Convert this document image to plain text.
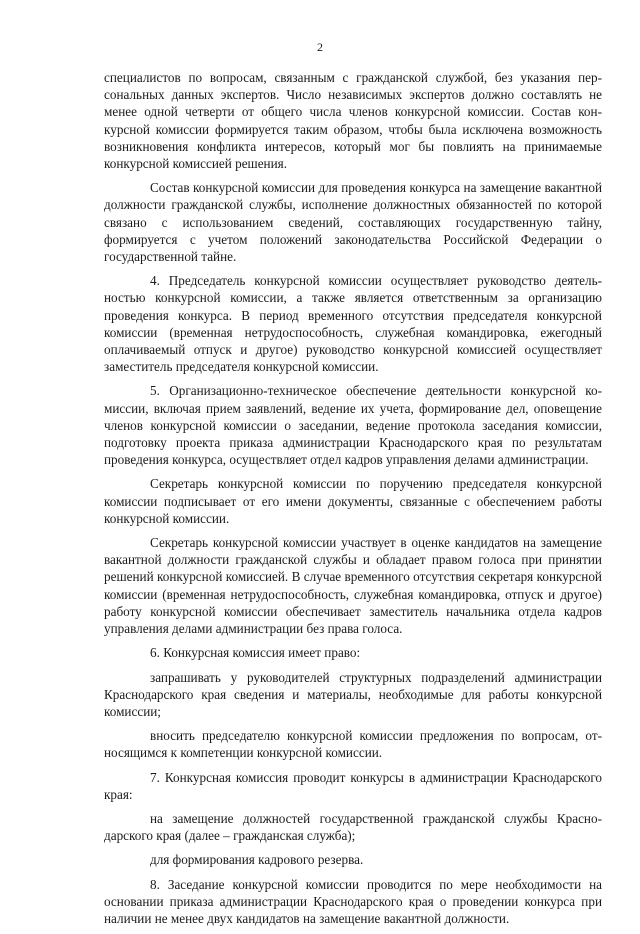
2

специалистов по вопросам, связанным с гражданской службой, без указания персональных данных экспертов. Число независимых экспертов должно составлять не менее одной четверти от общего числа членов конкурсной комиссии. Состав конкурсной комиссии формируется таким образом, чтобы была исключена возможность возникновения конфликта интересов, который мог бы повлиять на принимаемые конкурсной комиссией решения.

Состав конкурсной комиссии для проведения конкурса на замещение вакантной должности гражданской службы, исполнение должностных обязанностей по которой связано с использованием сведений, составляющих государственную тайну, формируется с учетом положений законодательства Российской Федерации о государственной тайне.

4. Председатель конкурсной комиссии осуществляет руководство деятельностью конкурсной комиссии, а также является ответственным за организацию проведения конкурса. В период временного отсутствия председателя конкурсной комиссии (временная нетрудоспособность, служебная командировка, ежегодный оплачиваемый отпуск и другое) руководство конкурсной комиссией осуществляет заместитель председателя конкурсной комиссии.

5. Организационно-техническое обеспечение деятельности конкурсной комиссии, включая прием заявлений, ведение их учета, формирование дел, оповещение членов конкурсной комиссии о заседании, ведение протокола заседания комиссии, подготовку проекта приказа администрации Краснодарского края по результатам проведения конкурса, осуществляет отдел кадров управления делами администрации.

Секретарь конкурсной комиссии по поручению председателя конкурсной комиссии подписывает от его имени документы, связанные с обеспечением работы конкурсной комиссии.

Секретарь конкурсной комиссии участвует в оценке кандидатов на замещение вакантной должности гражданской службы и обладает правом голоса при принятии решений конкурсной комиссией. В случае временного отсутствия секретаря конкурсной комиссии (временная нетрудоспособность, служебная командировка, отпуск и другое) работу конкурсной комиссии обеспечивает заместитель начальника отдела кадров управления делами администрации без права голоса.

6. Конкурсная комиссия имеет право:

запрашивать у руководителей структурных подразделений администрации Краснодарского края сведения и материалы, необходимые для работы конкурсной комиссии;

вносить председателю конкурсной комиссии предложения по вопросам, относящимся к компетенции конкурсной комиссии.

7. Конкурсная комиссия проводит конкурсы в администрации Краснодарского края:

на замещение должностей государственной гражданской службы Краснодарского края (далее – гражданская служба);

для формирования кадрового резерва.

8. Заседание конкурсной комиссии проводится по мере необходимости на основании приказа администрации Краснодарского края о проведении конкурса при наличии не менее двух кандидатов на замещение вакантной должности.
